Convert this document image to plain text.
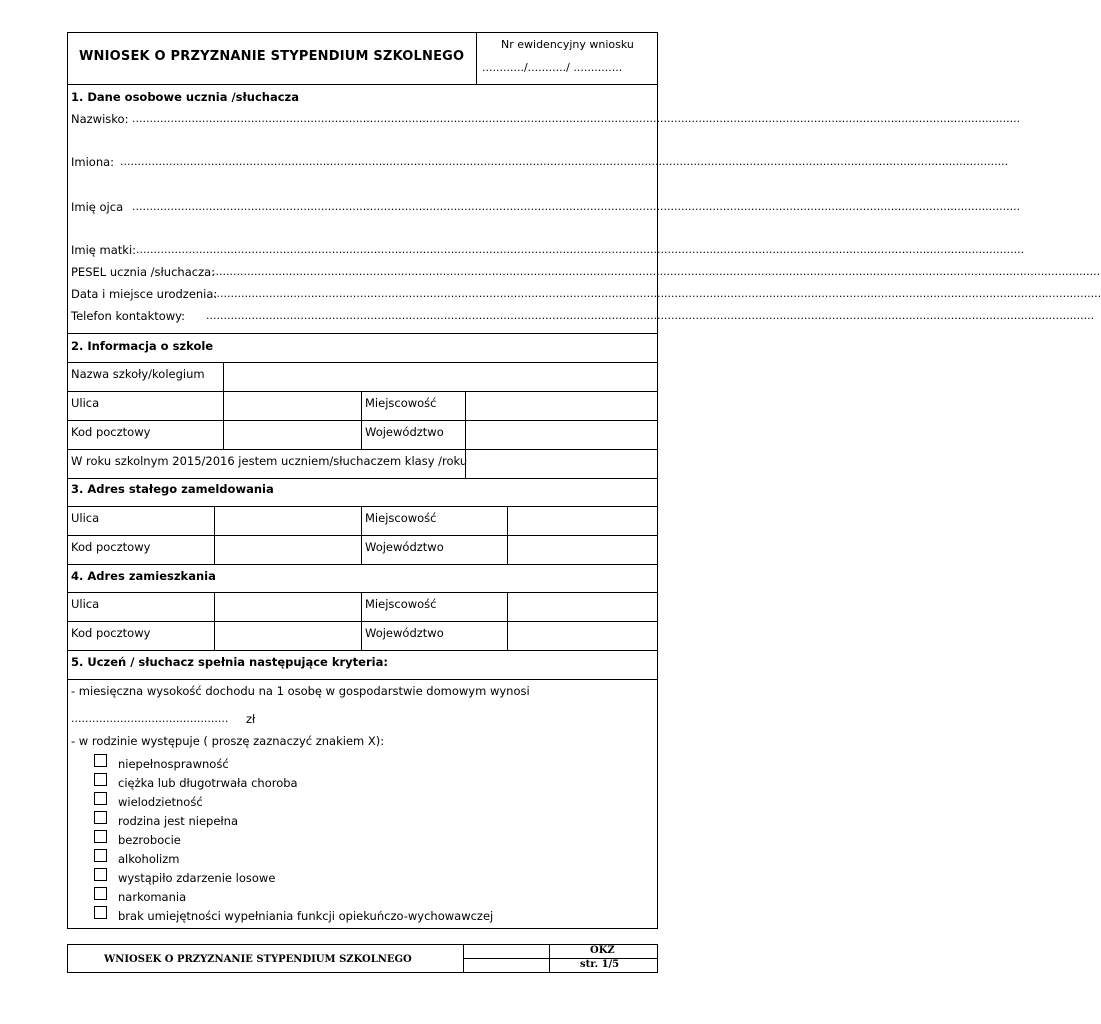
WNIOSEK O PRZYZNANIE STYPENDIUM SZKOLNEGO
Nr ewidencyjny wniosku
............/.........../ ..............
1. Dane osobowe ucznia /słuchacza
Nazwisko: ..............................................................................................................................................................................................................................................................
Imiona: ..............................................................................................................................................................................................................................................................
Imię ojca ..............................................................................................................................................................................................................................................................
Imię matki: ..............................................................................................................................................................................................................................................................
PESEL ucznia /słuchacza:
..............................................................................................................................................................................................................................................................
Data i miejsce urodzenia:
..............................................................................................................................................................................................................................................................
Telefon kontaktowy: ..............................................................................................................................................................................................................................................................
2. Informacja o szkole
Nazwa szkoły/kolegium
Ulica	Miejscowość
Kod pocztowy	Województwo
W roku szkolnym 2015/2016 jestem uczniem/słuchaczem klasy /roku
3. Adres stałego zameldowania
Ulica	Miejscowość
Kod pocztowy	Województwo
4. Adres zamieszkania
Ulica	Miejscowość
Kod pocztowy	Województwo
5. Uczeń / słuchacz spełnia następujące kryteria:
- miesięczna wysokość dochodu na 1 osobę w gospodarstwie domowym wynosi
............................................. zł
- w rodzinie występuje ( proszę zaznaczyć znakiem X):
niepełnosprawność
ciężka lub długotrwała choroba
wielodzietność
rodzina jest niepełna
bezrobocie
alkoholizm
wystąpiło zdarzenie losowe
narkomania
brak umiejętności wypełniania funkcji opiekuńczo-wychowawczej
WNIOSEK O PRZYZNANIE STYPENDIUM SZKOLNEGO
OKZ
str. 1/5
